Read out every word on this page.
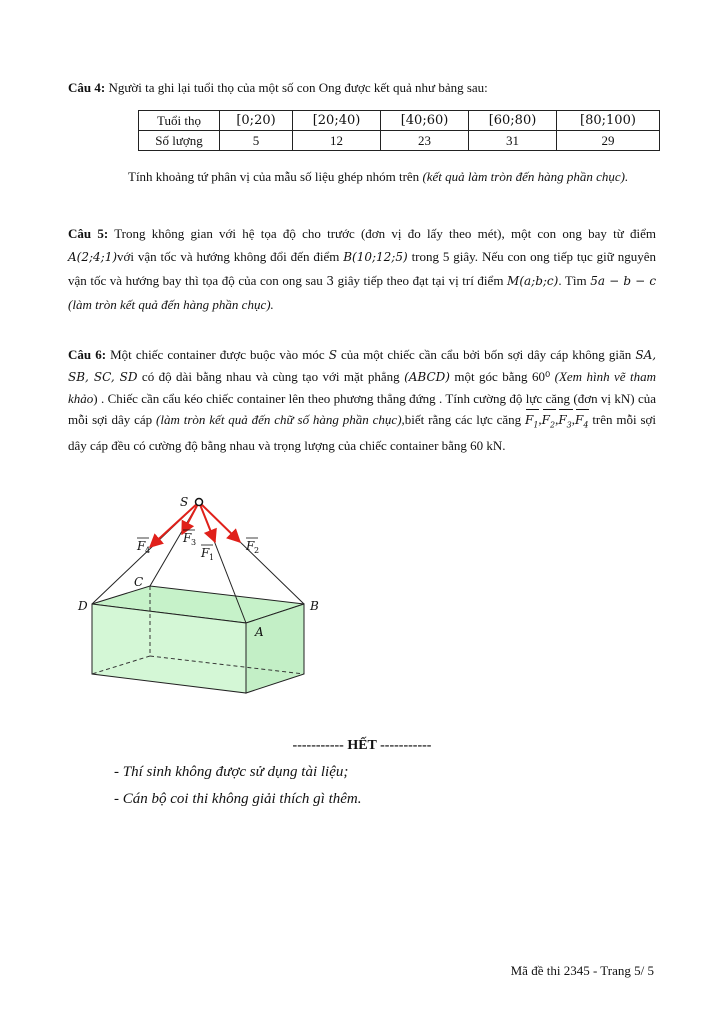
Câu 4: Người ta ghi lại tuổi thọ của một số con Ong được kết quả như bảng sau:
Tuổi thọ	[0;20)	[20;40)	[40;60)	[60;80)	[80;100)
Số lượng	5	12	23	31	29
Tính khoảng tứ phân vị của mẫu số liệu ghép nhóm trên (kết quả làm tròn đến hàng phần chục).
Câu 5: Trong không gian với hệ tọa độ cho trước (đơn vị đo lấy theo mét), một con ong bay từ điểm A(2;4;1)với vận tốc và hướng không đổi đến điểm B(10;12;5) trong 5 giây. Nếu con ong tiếp tục giữ nguyên vận tốc và hướng bay thì tọa độ của con ong sau 3 giây tiếp theo đạt tại vị trí điểm M(a;b;c). Tìm 5a − b − c (làm tròn kết quả đến hàng phần chục).
Câu 6: Một chiếc container được buộc vào móc S của một chiếc cần cẩu bởi bốn sợi dây cáp không giãn SA, SB, SC, SD có độ dài bằng nhau và cùng tạo với mặt phẳng (ABCD) một góc bằng 60⁰ (Xem hình vẽ tham khảo) . Chiếc cần cẩu kéo chiếc container lên theo phương thẳng đứng . Tính cường độ lực căng (đơn vị kN) của mỗi sợi dây cáp (làm tròn kết quả đến chữ số hàng phần chục),biết rằng các lực căng $F_1,F_2,F_3,F_4$ trên mỗi sợi dây cáp đều có cường độ bằng nhau và trọng lượng của chiếc container bằng 60 kN.
S
A
B
C
D
F 4
F 3
F 1
F 2
----------- HẾT -----------
- Thí sinh không được sử dụng tài liệu;
- Cán bộ coi thi không giải thích gì thêm.
Mã đề thi 2345 - Trang 5/ 5
